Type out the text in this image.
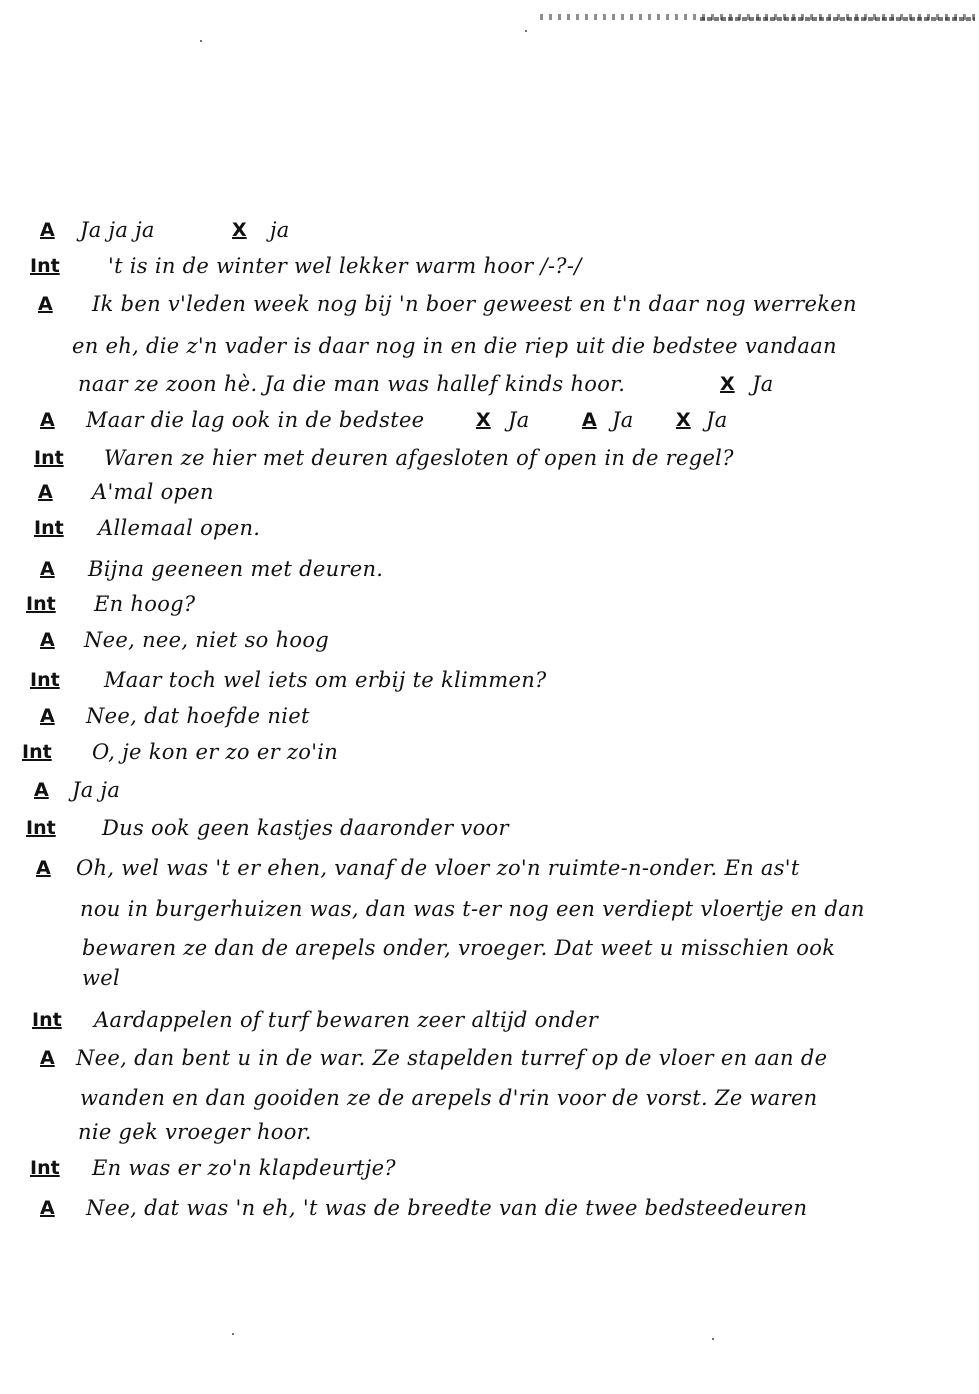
A Ja ja ja	X ja
Int 't is in de winter wel lekker warm hoor /-?-/
A Ik ben v'leden week nog bij 'n boer geweest en t'n daar nog werreken
en eh, die z'n vader is daar nog in en die riep uit die bedstee vandaan
naar ze zoon hè. Ja die man was hallef kinds hoor.	X Ja
A Maar die lag ook in de bedstee	X Ja	A Ja X Ja
Int Waren ze hier met deuren afgesloten of open in de regel?
A A'mal open
Int Allemaal open.
A Bijna geeneen met deuren.
Int En hoog?
A Nee, nee, niet so hoog
Int Maar toch wel iets om erbij te klimmen?
A Nee, dat hoefde niet
Int O, je kon er zo er zo'in
A Ja ja
Int Dus ook geen kastjes daaronder voor
A Oh, wel was 't er ehen, vanaf de vloer zo'n ruimte-n-onder. En as't
nou in burgerhuizen was, dan was t-er nog een verdiept vloertje en dan
bewaren ze dan de arepels onder, vroeger. Dat weet u misschien ook
wel
Int Aardappelen of turf bewaren zeer altijd onder
A Nee, dan bent u in de war. Ze stapelden turref op de vloer en aan de
wanden en dan gooiden ze de arepels d'rin voor de vorst. Ze waren
nie gek vroeger hoor.
Int En was er zo'n klapdeurtje?
A Nee, dat was 'n eh, 't was de breedte van die twee bedsteedeuren
